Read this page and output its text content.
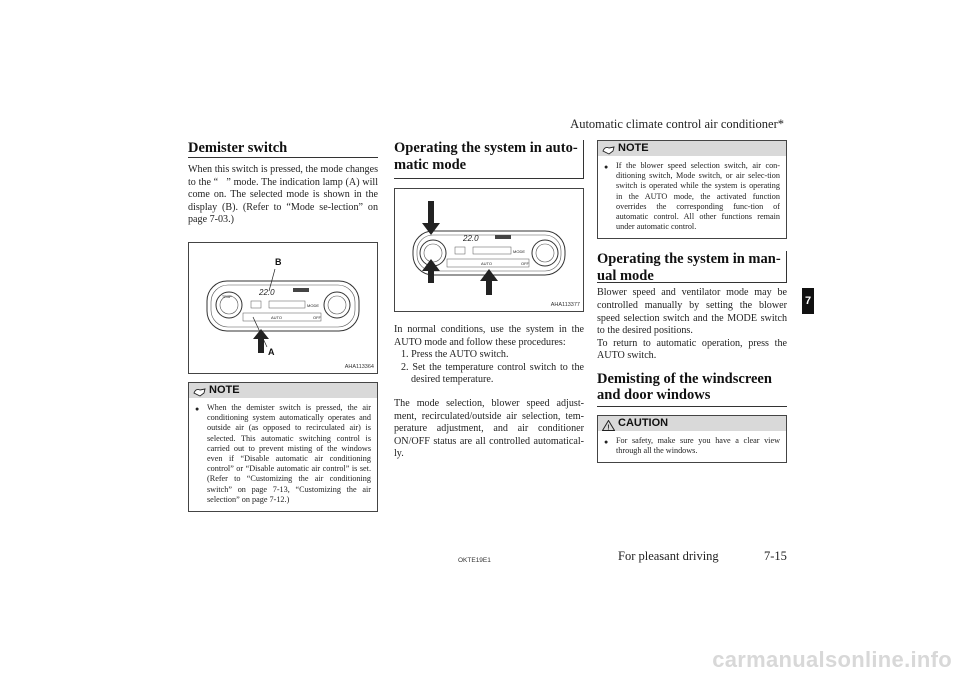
Automatic climate control air conditioner*
Demister switch
When this switch is pressed, the mode changes to the “   ” mode. The indication lamp (A) will come on. The selected mode is shown in the display (B). (Refer to “Mode se-lection” on page 7-03.)
22.0
MODE
AUTO	OFF
TEMP
B
A
AHA113364
NOTE
● When the demister switch is pressed, the air conditioning system automatically operates and outside air (as opposed to recirculated air) is selected. This automatic switching control is carried out to prevent misting of the windows even if “Disable automatic air conditioning control” or “Disable automatic air control” is set. (Refer to “Customizing the air conditioning switch” on page 7-13, “Customizing the air selection” on page 7-12.)
Operating the system in auto-matic mode
22.0
MODE
AUTO	OFF
AHA113377
In normal conditions, use the system in the AUTO mode and follow these procedures:
1. Press the AUTO switch.
2. Set the temperature control switch to the desired temperature.
The mode selection, blower speed adjust-ment, recirculated/outside air selection, tem-perature adjustment, and air conditioner ON/OFF status are all controlled automatical-ly.
NOTE
● If the blower speed selection switch, air con-ditioning switch, Mode switch, or air selec-tion switch is operated while the system is operating in the AUTO mode, the activated function overrides the corresponding func-tion of automatic control. All other functions remain under automatic control.
Operating the system in man-ual mode
Blower speed and ventilator mode may be controlled manually by setting the blower speed selection switch and the MODE switch to the desired positions.
To return to automatic operation, press the AUTO switch.
Demisting of the windscreen and door windows
! CAUTION
● For safety, make sure you have a clear view through all the windows.
7
OKTE19E1	For pleasant driving	7-15
carmanualsonline.info
